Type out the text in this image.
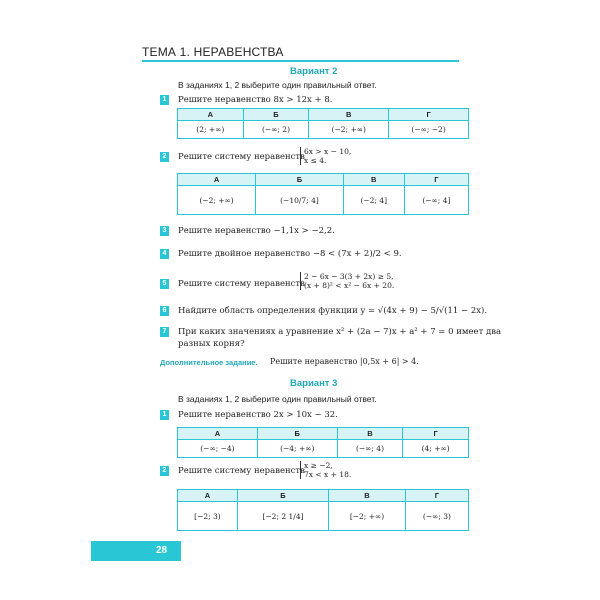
ТЕМА 1. НЕРАВЕНСТВА
Вариант 2
В заданиях 1, 2 выберите один правильный ответ.
1 Решите неравенство 8x > 12x + 8.
А	Б	В	Г
(2; +∞)	(−∞; 2)	(−2; +∞)	(−∞; −2)
2 Решите систему неравенств
6x > x − 10,
x ≤ 4.
А	Б	В	Г
(−2; +∞)	(−10/7; 4]	(−2; 4]	(−∞; 4]
3 Решите неравенство −1,1x > −2,2.
4 Решите двойное неравенство −8 < (7x + 2)/2 < 9.
5 Решите систему неравенств
2 − 6x − 3(3 + 2x) ≥ 5,
(x + 8)² < x² − 6x + 20.
6 Найдите область определения функции y = √(4x + 9) − 5/√(11 − 2x).
7 При каких значениях a уравнение x² + (2a − 7)x + a² + 7 = 0 имеет два
разных корня?
Дополнительное задание. Решите неравенство |0,5x + 6| > 4.
Вариант 3
В заданиях 1, 2 выберите один правильный ответ.
1 Решите неравенство 2x > 10x − 32.
А	Б	В	Г
(−∞; −4)	(−4; +∞)	(−∞; 4)	(4; +∞)
2 Решите систему неравенств
x ≥ −2,
7x < x + 18.
А	Б	В	Г
[−2; 3)	[−2; 2 1/4]	[−2; +∞)	(−∞; 3)
28
